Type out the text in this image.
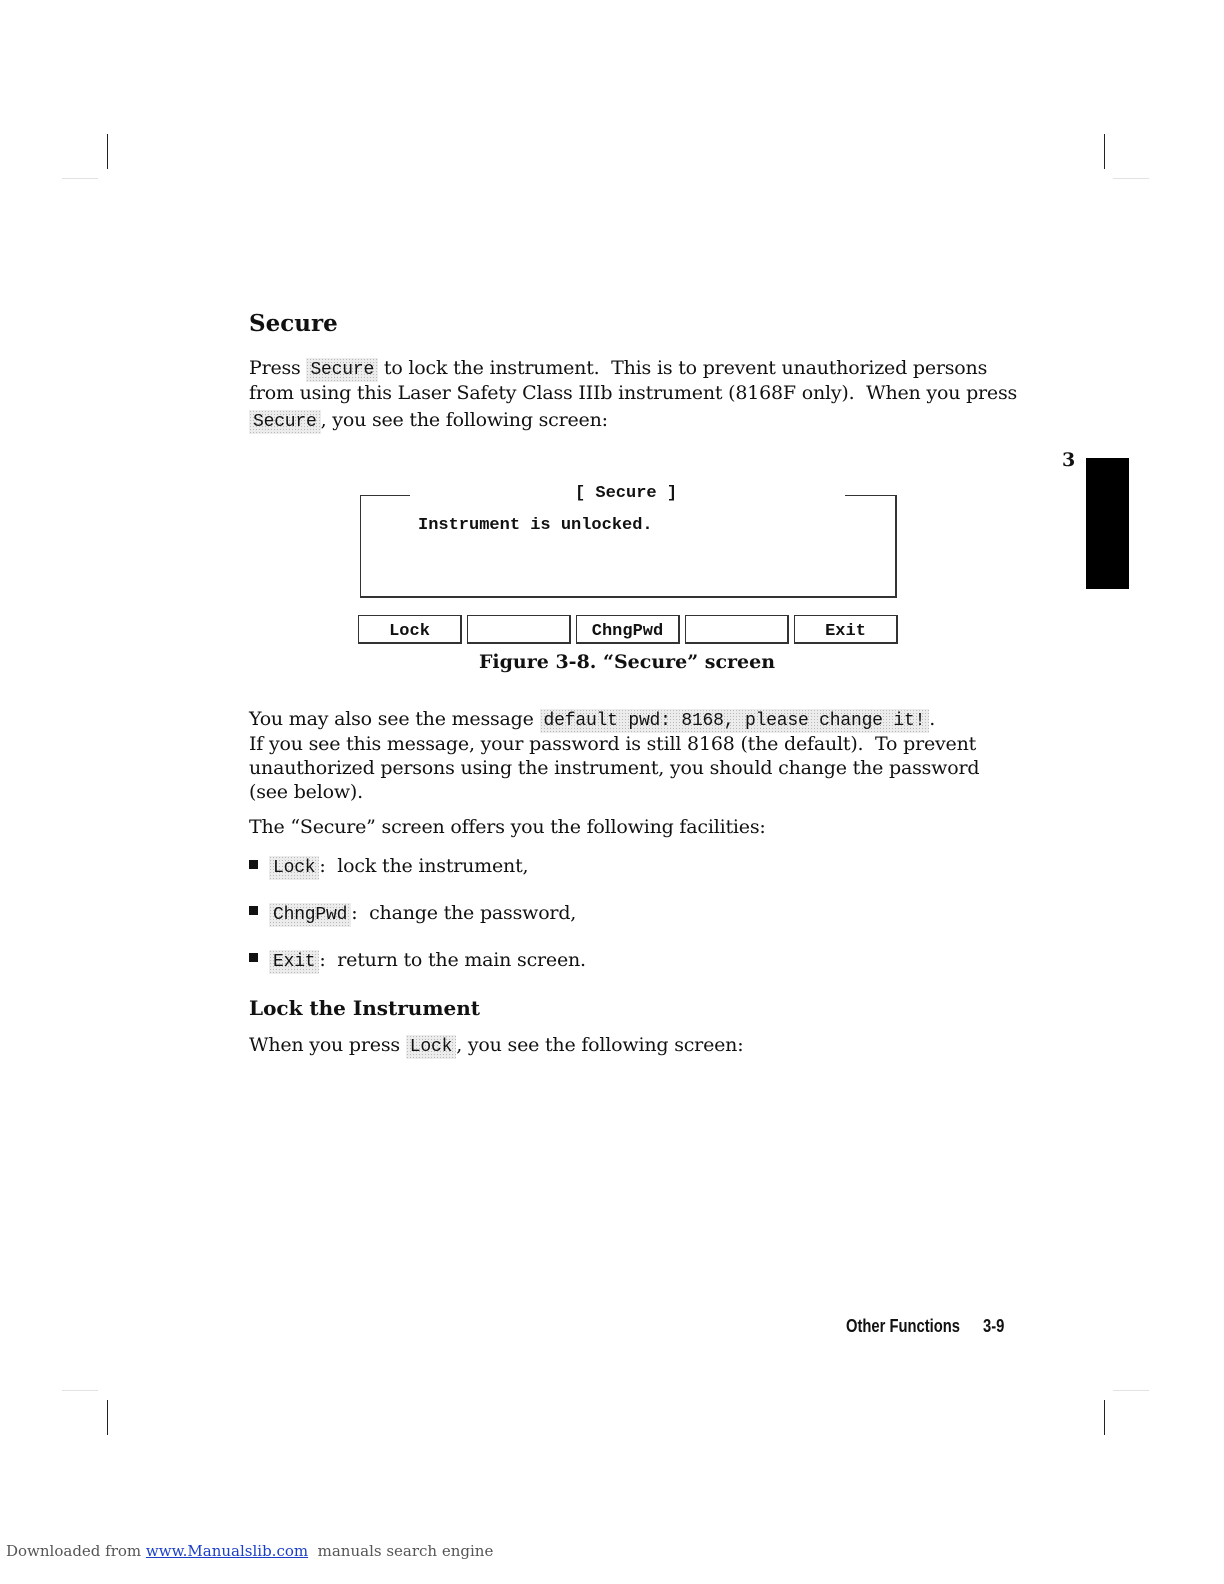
3
Secure
Press Secure to lock the instrument.  This is to prevent unauthorized persons
from using this Laser Safety Class IIIb instrument (8168F only).  When you press
Secure , you see the following screen:
[ Secure ]
Instrument is unlocked.
Lock	ChngPwd	Exit
Figure 3-8. “Secure” screen
You may also see the message default pwd: 8168, please change it! .
If you see this message, your password is still 8168 (the default).  To prevent
unauthorized persons using the instrument, you should change the password
(see below).
The “Secure” screen offers you the following facilities:
Lock :  lock the instrument,
ChngPwd :  change the password,
Exit :  return to the main screen.
Lock the Instrument
When you press Lock , you see the following screen:
Other Functions 3-9
Downloaded from www.Manualslib.com  manuals search engine
